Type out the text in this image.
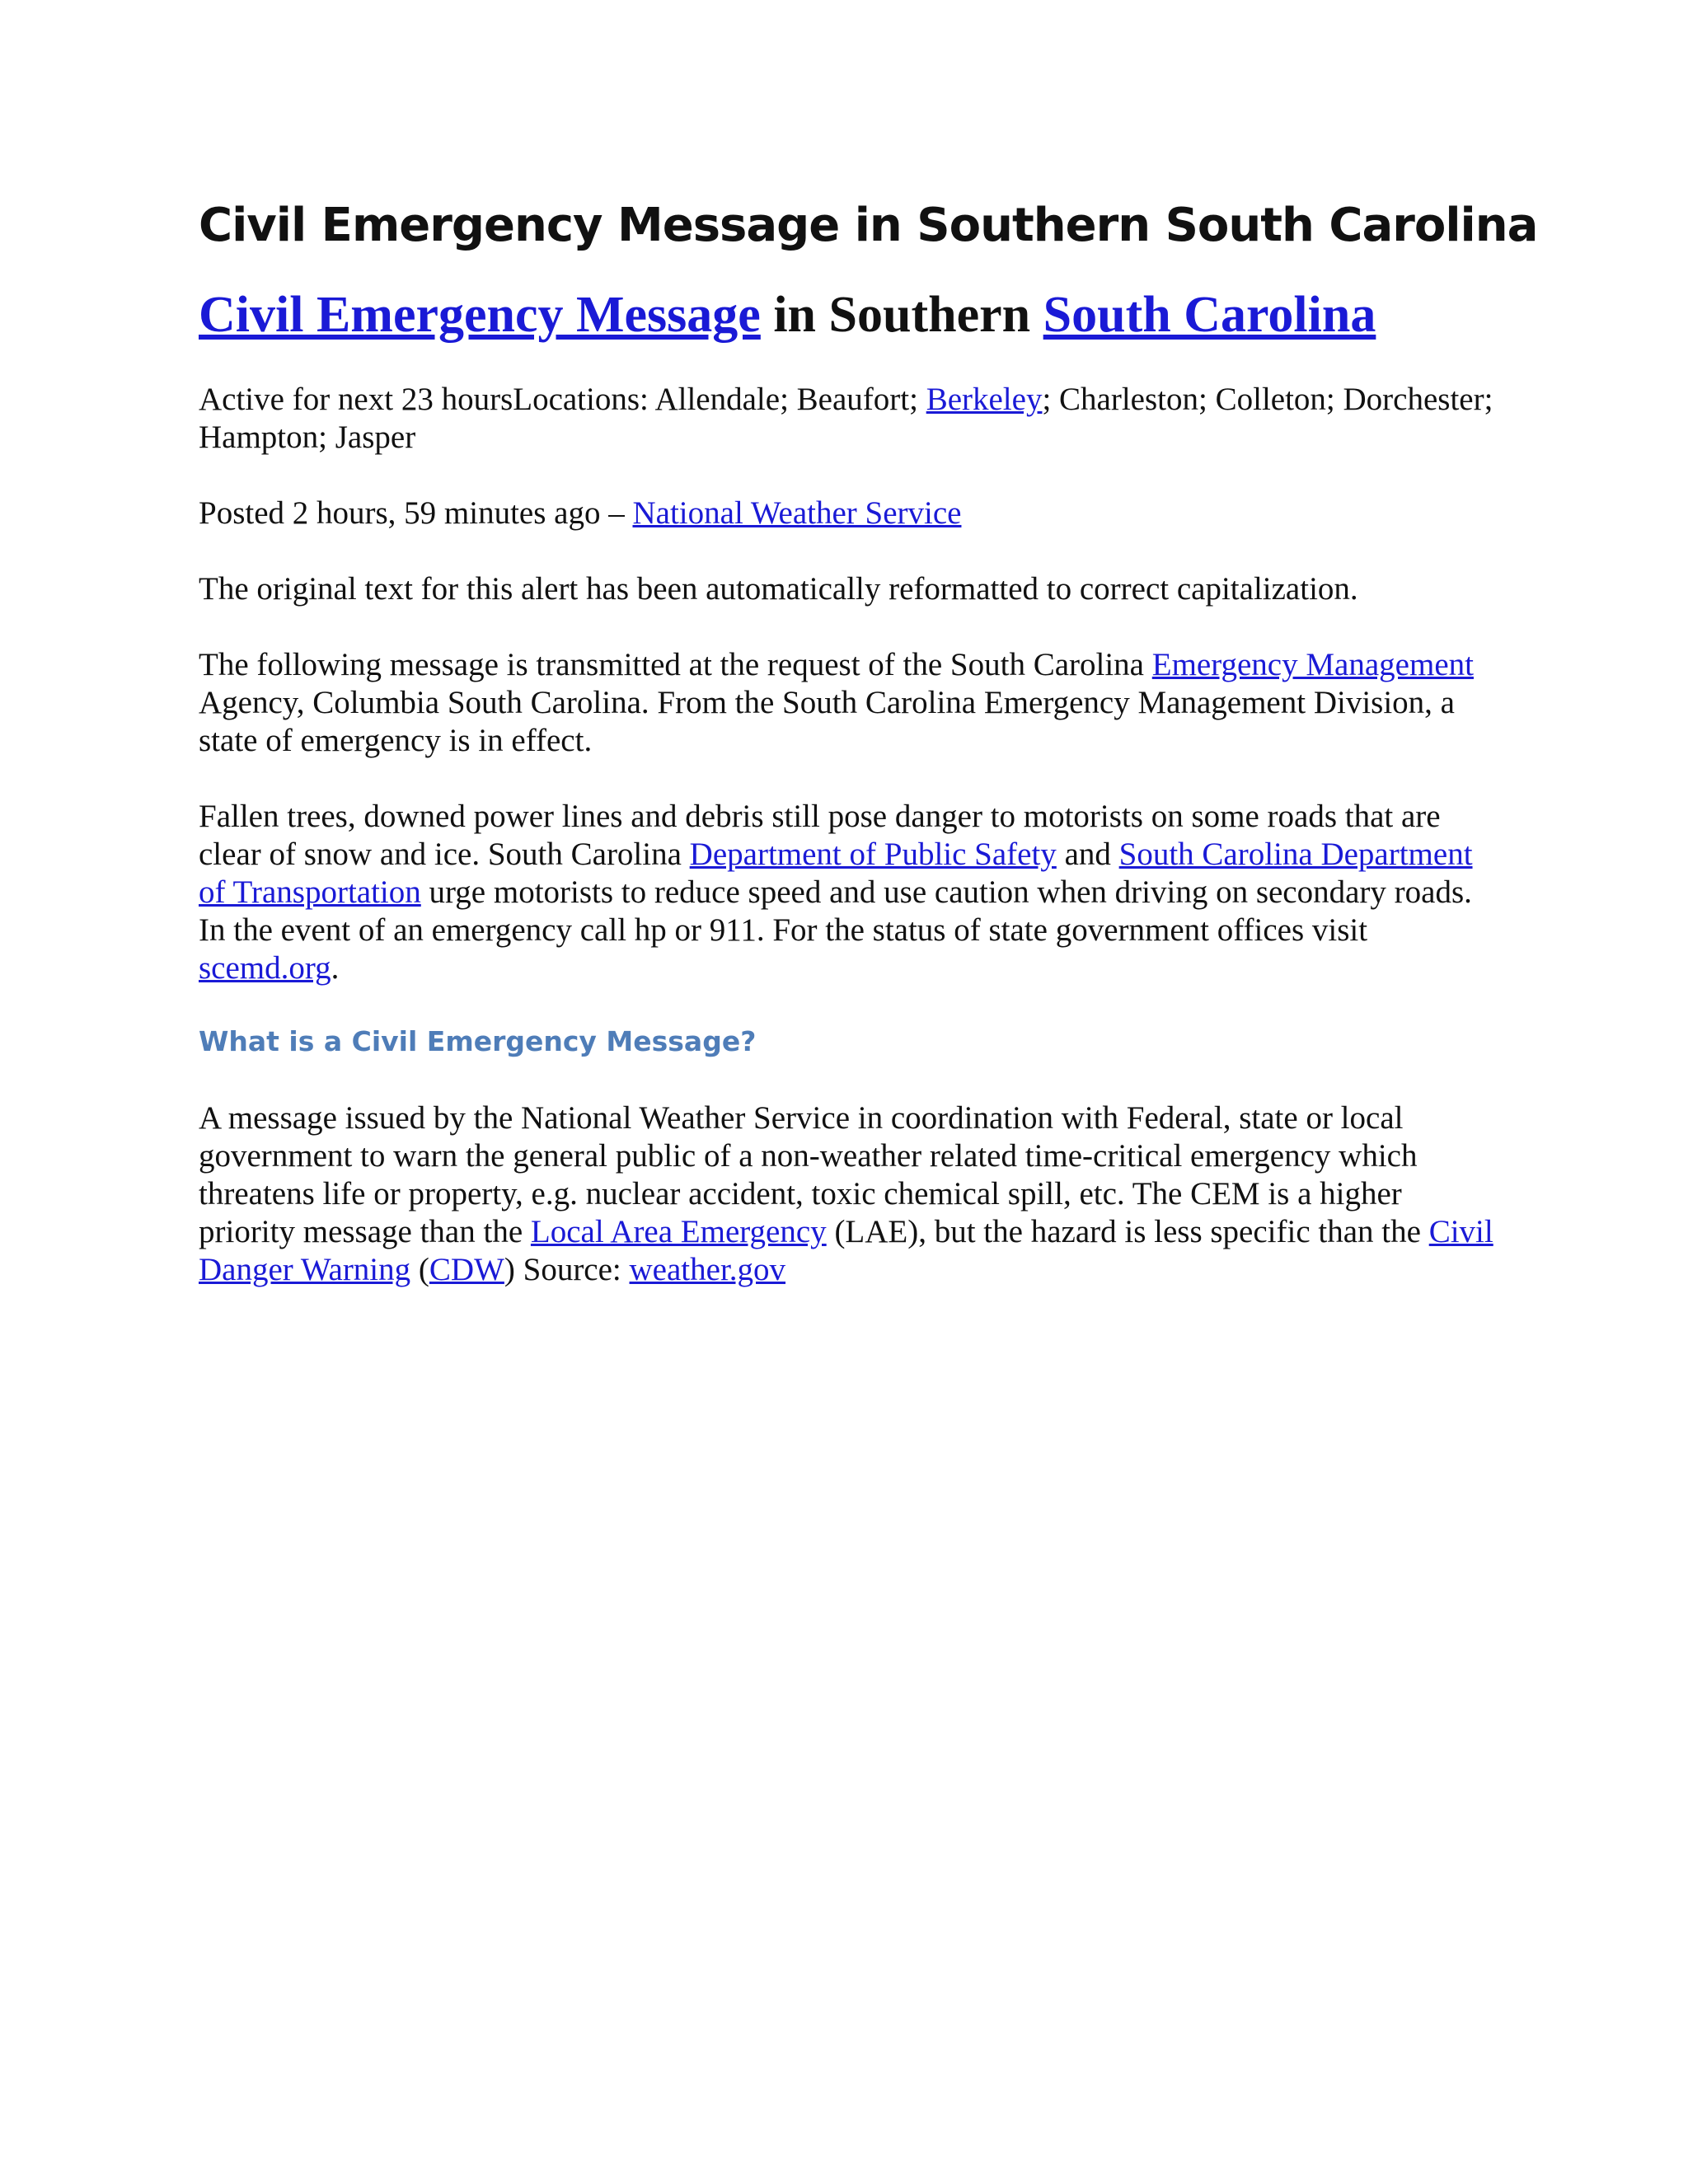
Civil Emergency Message in Southern South Carolina
Civil Emergency Message in Southern South Carolina

Active for next 23 hoursLocations: Allendale; Beaufort; Berkeley; Charleston; Colleton; Dorchester; Hampton; Jasper

Posted 2 hours, 59 minutes ago – National Weather Service

The original text for this alert has been automatically reformatted to correct capitalization.

The following message is transmitted at the request of the South Carolina Emergency Management Agency, Columbia South Carolina. From the South Carolina Emergency Management Division, a state of emergency is in effect.

Fallen trees, downed power lines and debris still pose danger to motorists on some roads that are clear of snow and ice. South Carolina Department of Public Safety and South Carolina Department of Transportation urge motorists to reduce speed and use caution when driving on secondary roads. In the event of an emergency call hp or 911. For the status of state government offices visit scemd.org.

What is a Civil Emergency Message?

A message issued by the National Weather Service in coordination with Federal, state or local government to warn the general public of a non-weather related time-critical emergency which threatens life or property, e.g. nuclear accident, toxic chemical spill, etc. The CEM is a higher priority message than the Local Area Emergency (LAE), but the hazard is less specific than the Civil Danger Warning (CDW) Source: weather.gov
